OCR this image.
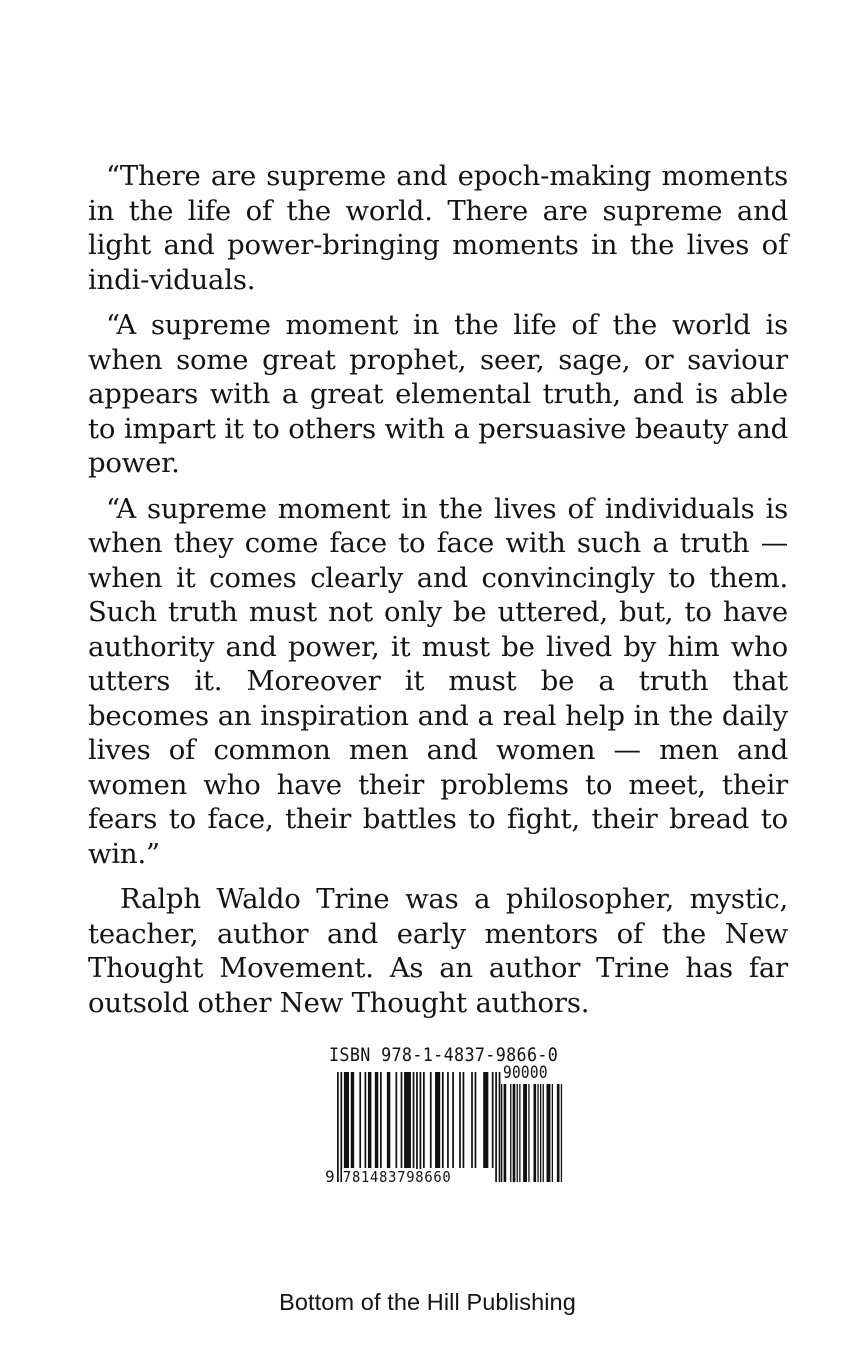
“There are supreme and epoch-making moments in the life of the world. There are supreme and light and power-bringing moments in the lives of indi-viduals.

“A supreme moment in the life of the world is when some great prophet, seer, sage, or saviour appears with a great elemental truth, and is able to impart it to others with a persuasive beauty and power.

“A supreme moment in the lives of individuals is when they come face to face with such a truth — when it comes clearly and convincingly to them. Such truth must not only be uttered, but, to have authority and power, it must be lived by him who utters it. Moreover it must be a truth that becomes an inspiration and a real help in the daily lives of common men and women — men and women who have their problems to meet, their fears to face, their battles to fight, their bread to win.”

Ralph Waldo Trine was a philosopher, mystic, teacher, author and early mentors of the New Thought Movement. As an author Trine has far outsold other New Thought authors.

ISBN 978-1-4837-9866-0
90000
9 781483798660
Bottom of the Hill Publishing
